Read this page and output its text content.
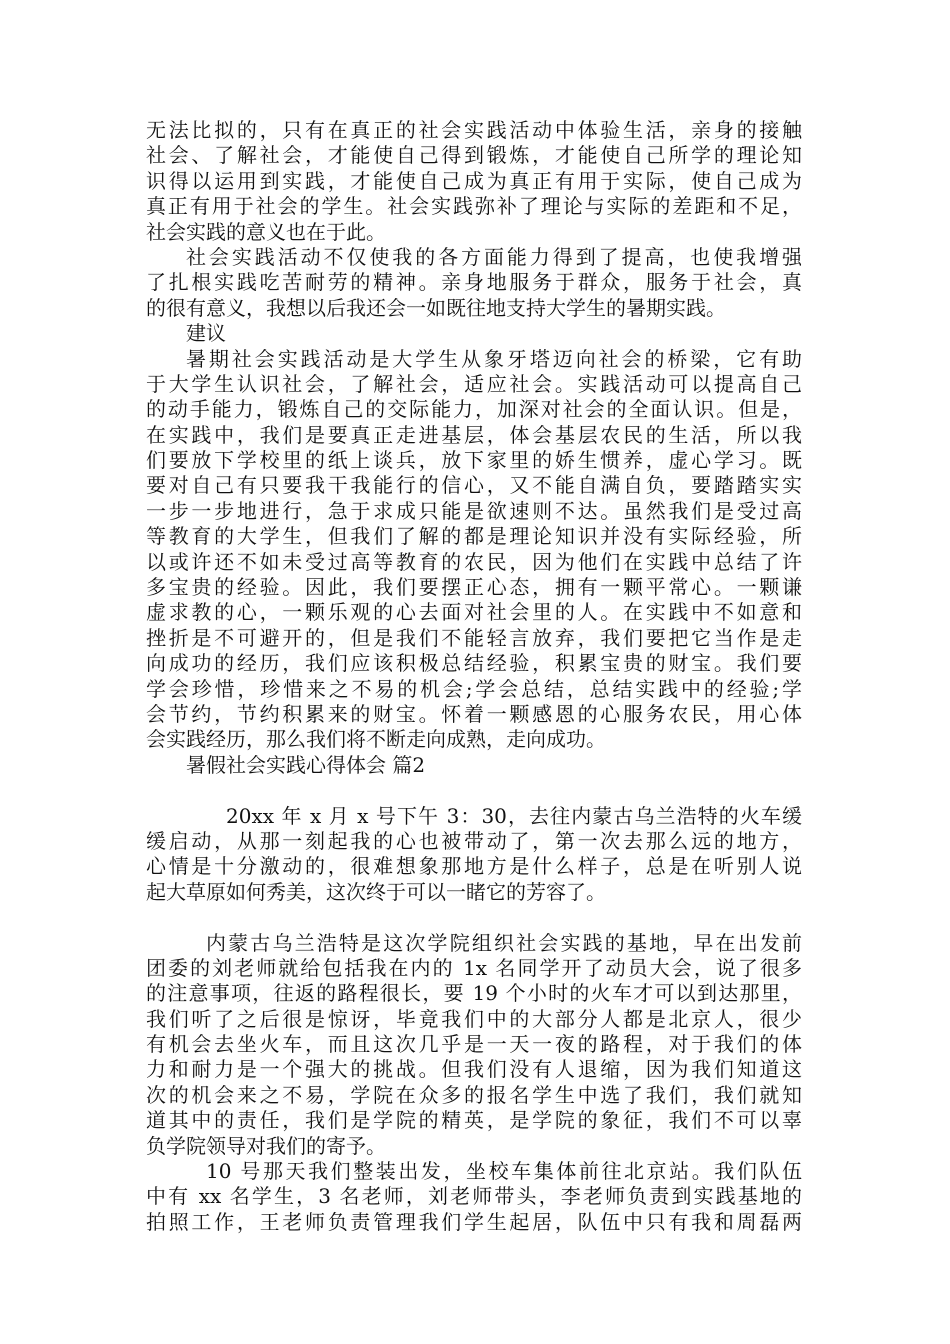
无法比拟的，只有在真正的社会实践活动中体验生活，亲身的接触
社会、了解社会，才能使自己得到锻炼，才能使自己所学的理论知
识得以运用到实践，才能使自己成为真正有用于实际，使自己成为
真正有用于社会的学生。社会实践弥补了理论与实际的差距和不足，
社会实践的意义也在于此。
社会实践活动不仅使我的各方面能力得到了提高，也使我增强
了扎根实践吃苦耐劳的精神。亲身地服务于群众，服务于社会，真
的很有意义，我想以后我还会一如既往地支持大学生的暑期实践。
建议
暑期社会实践活动是大学生从象牙塔迈向社会的桥梁，它有助
于大学生认识社会，了解社会，适应社会。实践活动可以提高自己
的动手能力，锻炼自己的交际能力，加深对社会的全面认识。但是，
在实践中，我们是要真正走进基层，体会基层农民的生活，所以我
们要放下学校里的纸上谈兵，放下家里的娇生惯养，虚心学习。既
要对自己有只要我干我能行的信心，又不能自满自负，要踏踏实实
一步一步地进行，急于求成只能是欲速则不达。虽然我们是受过高
等教育的大学生，但我们了解的都是理论知识并没有实际经验，所
以或许还不如未受过高等教育的农民，因为他们在实践中总结了许
多宝贵的经验。因此，我们要摆正心态，拥有一颗平常心。一颗谦
虚求教的心，一颗乐观的心去面对社会里的人。在实践中不如意和
挫折是不可避开的，但是我们不能轻言放弃，我们要把它当作是走
向成功的经历，我们应该积极总结经验，积累宝贵的财宝。我们要
学会珍惜，珍惜来之不易的机会;学会总结，总结实践中的经验;学
会节约，节约积累来的财宝。怀着一颗感恩的心服务农民，用心体
会实践经历，那么我们将不断走向成熟，走向成功。
暑假社会实践心得体会 篇2
20xx 年 x 月 x 号下午 3：30，去往内蒙古乌兰浩特的火车缓
缓启动，从那一刻起我的心也被带动了，第一次去那么远的地方，
心情是十分激动的，很难想象那地方是什么样子，总是在听别人说
起大草原如何秀美，这次终于可以一睹它的芳容了。
内蒙古乌兰浩特是这次学院组织社会实践的基地，早在出发前
团委的刘老师就给包括我在内的 1x 名同学开了动员大会，说了很多
的注意事项，往返的路程很长，要 19 个小时的火车才可以到达那里，
我们听了之后很是惊讶，毕竟我们中的大部分人都是北京人，很少
有机会去坐火车，而且这次几乎是一天一夜的路程，对于我们的体
力和耐力是一个强大的挑战。但我们没有人退缩，因为我们知道这
次的机会来之不易，学院在众多的报名学生中选了我们，我们就知
道其中的责任，我们是学院的精英，是学院的象征，我们不可以辜
负学院领导对我们的寄予。
10 号那天我们整装出发，坐校车集体前往北京站。我们队伍
中有 xx 名学生，3 名老师，刘老师带头，李老师负责到实践基地的
拍照工作，王老师负责管理我们学生起居，队伍中只有我和周磊两
